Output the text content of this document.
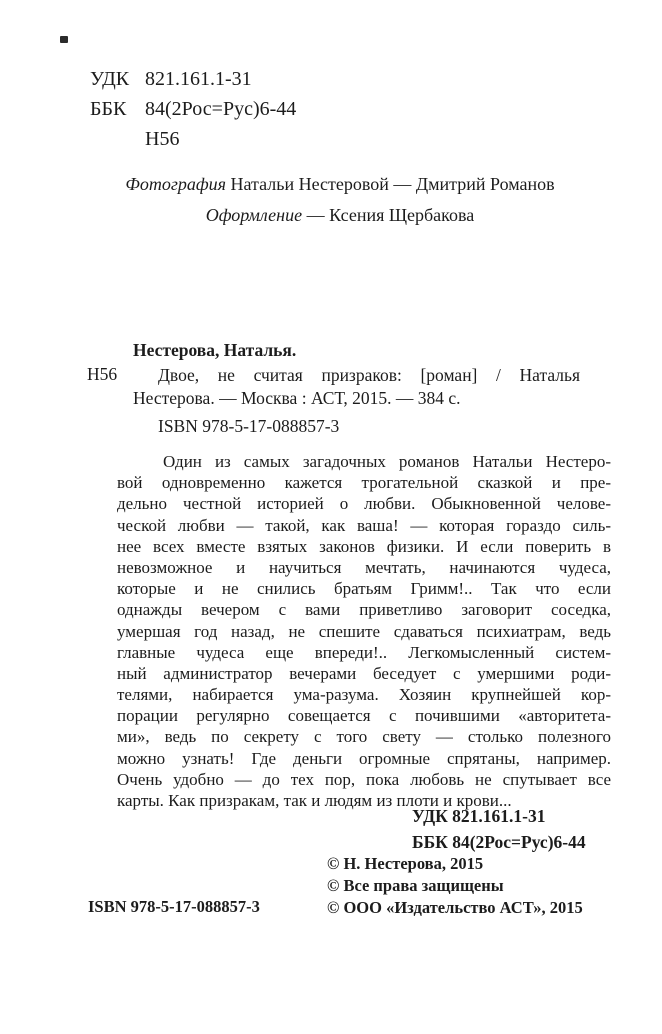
УДК 821.161.1-31
ББК 84(2Рос=Рус)6-44
Н56
Фотография Натальи Нестеровой — Дмитрий Романов
Оформление — Ксения Щербакова
Нестерова, Наталья.
Н56	Двое, не считая призраков: [роман] / Наталья
Нестерова. — Москва : АСТ, 2015. — 384 с.
ISBN 978-5-17-088857-3
Один из самых загадочных романов Натальи Нестеро-
вой одновременно кажется трогательной сказкой и пре-
дельно честной историей о любви. Обыкновенной челове-
ческой любви — такой, как ваша! — которая гораздо силь-
нее всех вместе взятых законов физики. И если поверить в
невозможное и научиться мечтать, начинаются чудеса,
которые и не снились братьям Гримм!.. Так что если
однажды вечером с вами приветливо заговорит соседка,
умершая год назад, не спешите сдаваться психиатрам, ведь
главные чудеса еще впереди!.. Легкомысленный систем-
ный администратор вечерами беседует с умершими роди-
телями, набирается ума-разума. Хозяин крупнейшей кор-
порации регулярно совещается с почившими «авторитета-
ми», ведь по секрету с того свету — столько полезного
можно узнать! Где деньги огромные спрятаны, например.
Очень удобно — до тех пор, пока любовь не спутывает все
карты. Как призракам, так и людям из плоти и крови...
УДК 821.161.1-31
ББК 84(2Рос=Рус)6-44
ISBN 978-5-17-088857-3
© Н. Нестерова, 2015
© Все права защищены
© ООО «Издательство АСТ», 2015
